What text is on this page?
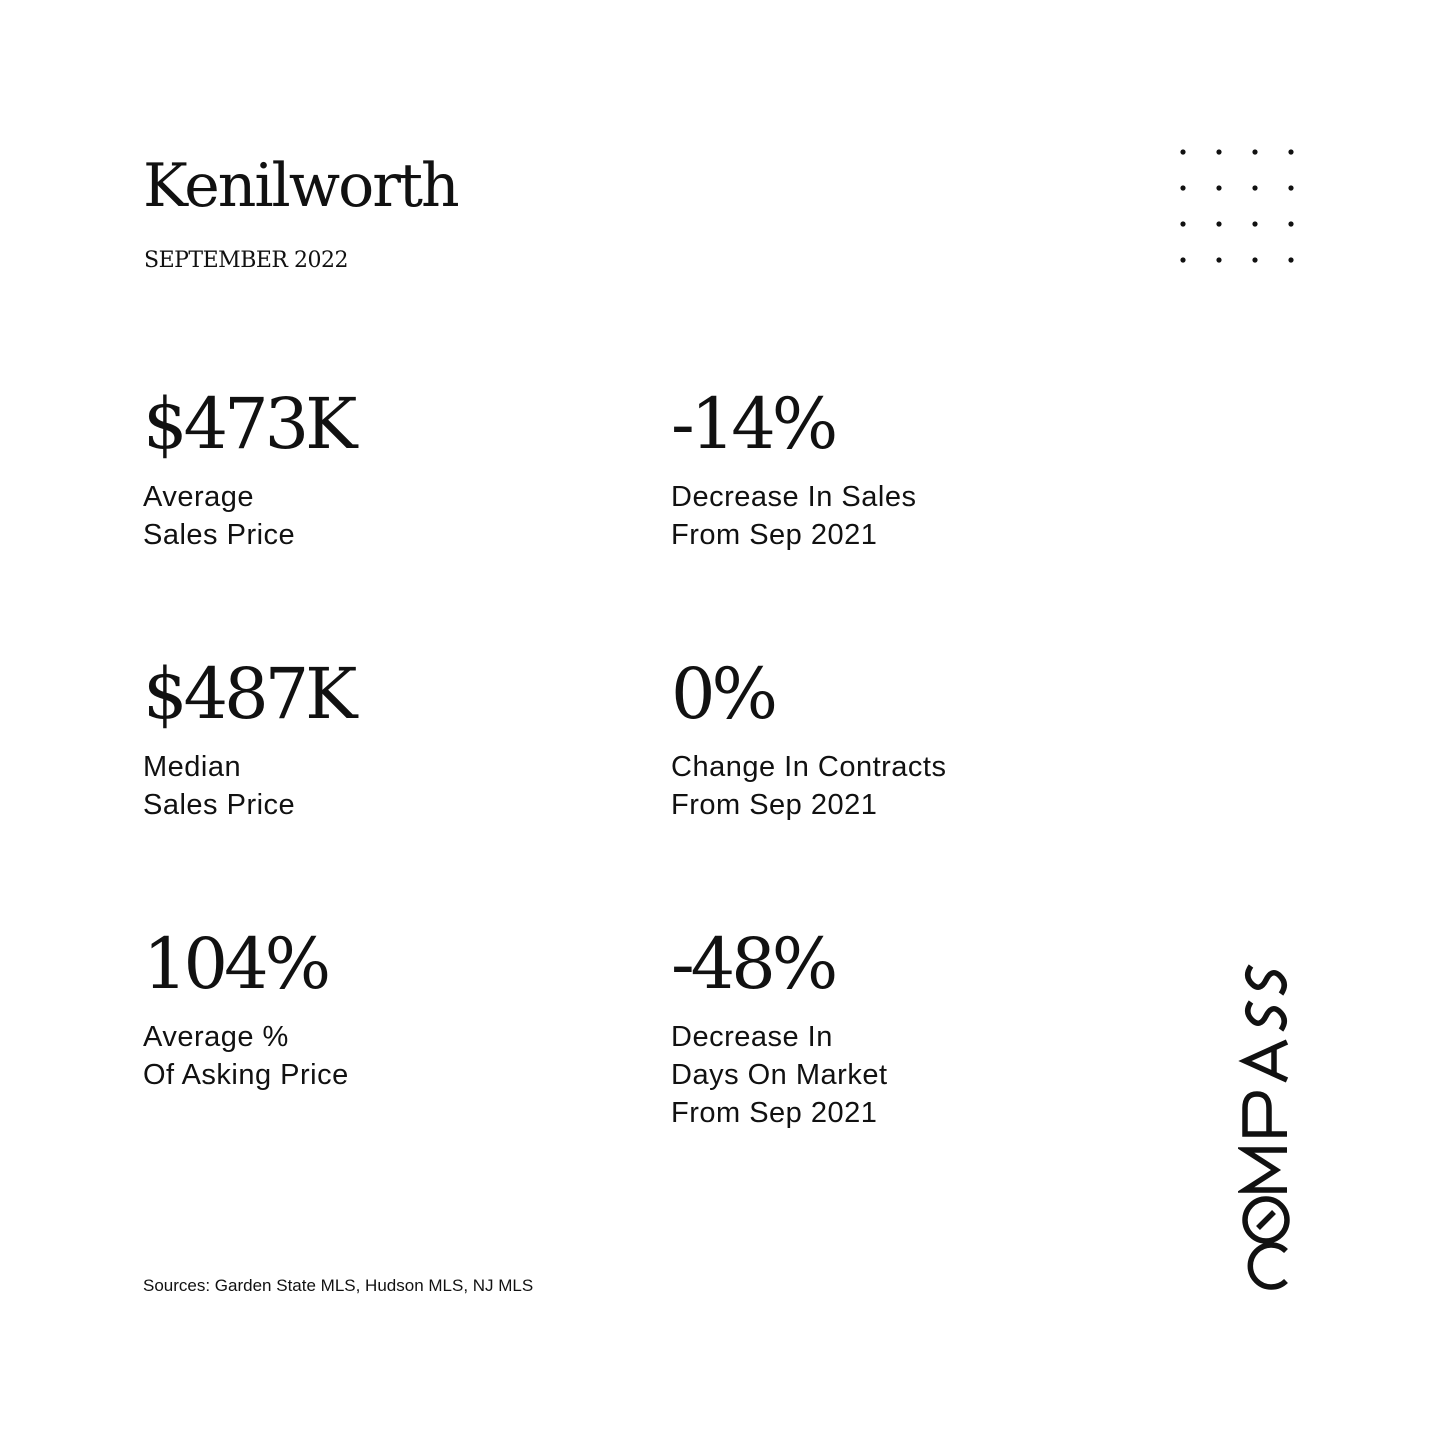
Kenilworth
SEPTEMBER 2022
$473K
Average
Sales Price
-14%
Decrease In Sales
From Sep 2021
$487K
Median
Sales Price
0%
Change In Contracts
From Sep 2021
104%
Average %
Of Asking Price
-48%
Decrease In
Days On Market
From Sep 2021
Sources: Garden State MLS, Hudson MLS, NJ MLS
